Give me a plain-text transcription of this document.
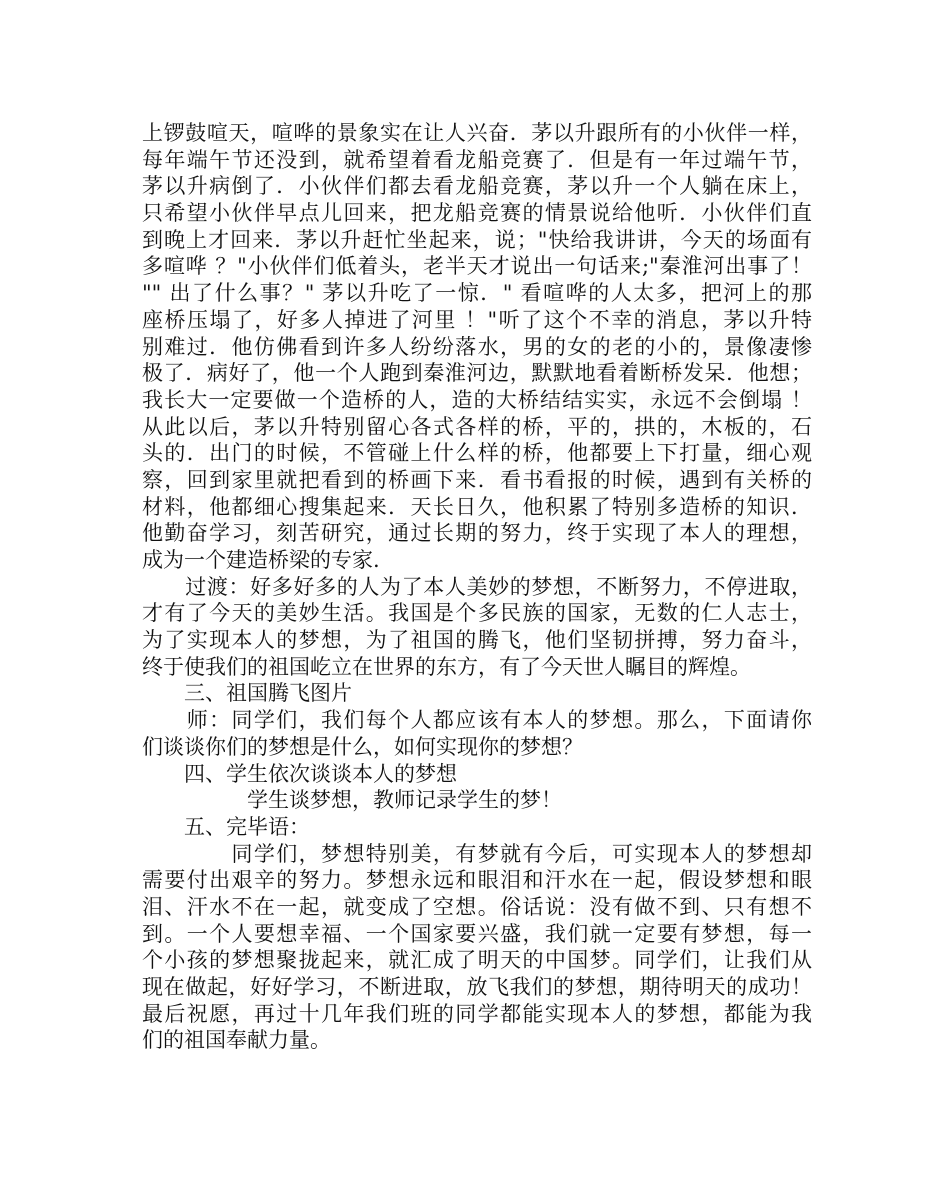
上锣鼓喧天，喧哗的景象实在让人兴奋．茅以升跟所有的小伙伴一样，
每年端午节还没到，就希望着看龙船竞赛了．但是有一年过端午节，
茅以升病倒了．小伙伴们都去看龙船竞赛，茅以升一个人躺在床上，
只希望小伙伴早点儿回来，把龙船竞赛的情景说给他听．小伙伴们直
到晚上才回来．茅以升赶忙坐起来，说；"快给我讲讲，今天的场面有
多喧哗 ？"小伙伴们低着头，老半天才说出一句话来;"秦淮河出事了！
"" 出了什么事？" 茅以升吃了一惊．" 看喧哗的人太多，把河上的那
座桥压塌了，好多人掉进了河里 ！"听了这个不幸的消息，茅以升特
别难过．他仿佛看到许多人纷纷落水，男的女的老的小的，景像凄惨
极了．病好了，他一个人跑到秦淮河边，默默地看着断桥发呆．他想；
我长大一定要做一个造桥的人，造的大桥结结实实，永远不会倒塌 ！
从此以后，茅以升特别留心各式各样的桥，平的，拱的，木板的，石
头的．出门的时候，不管碰上什么样的桥，他都要上下打量，细心观
察，回到家里就把看到的桥画下来．看书看报的时候，遇到有关桥的
材料，他都细心搜集起来．天长日久，他积累了特别多造桥的知识．
他勤奋学习，刻苦研究，通过长期的努力，终于实现了本人的理想，
成为一个建造桥梁的专家.
　　过渡：好多好多的人为了本人美妙的梦想，不断努力，不停进取，
才有了今天的美妙生活。我国是个多民族的国家，无数的仁人志士，
为了实现本人的梦想，为了祖国的腾飞，他们坚韧拼搏，努力奋斗，
终于使我们的祖国屹立在世界的东方，有了今天世人瞩目的辉煌。
　　三、祖国腾飞图片
　　师：同学们，我们每个人都应该有本人的梦想。那么，下面请你
们谈谈你们的梦想是什么，如何实现你的梦想？
　　四、学生依次谈谈本人的梦想
　　　　　学生谈梦想，教师记录学生的梦！
　　五、完毕语：
　　　　同学们，梦想特别美，有梦就有今后，可实现本人的梦想却
需要付出艰辛的努力。梦想永远和眼泪和汗水在一起，假设梦想和眼
泪、汗水不在一起，就变成了空想。俗话说：没有做不到、只有想不
到。一个人要想幸福、一个国家要兴盛，我们就一定要有梦想，每一
个小孩的梦想聚拢起来，就汇成了明天的中国梦。同学们，让我们从
现在做起，好好学习，不断进取，放飞我们的梦想，期待明天的成功！
最后祝愿，再过十几年我们班的同学都能实现本人的梦想，都能为我
们的祖国奉献力量。
